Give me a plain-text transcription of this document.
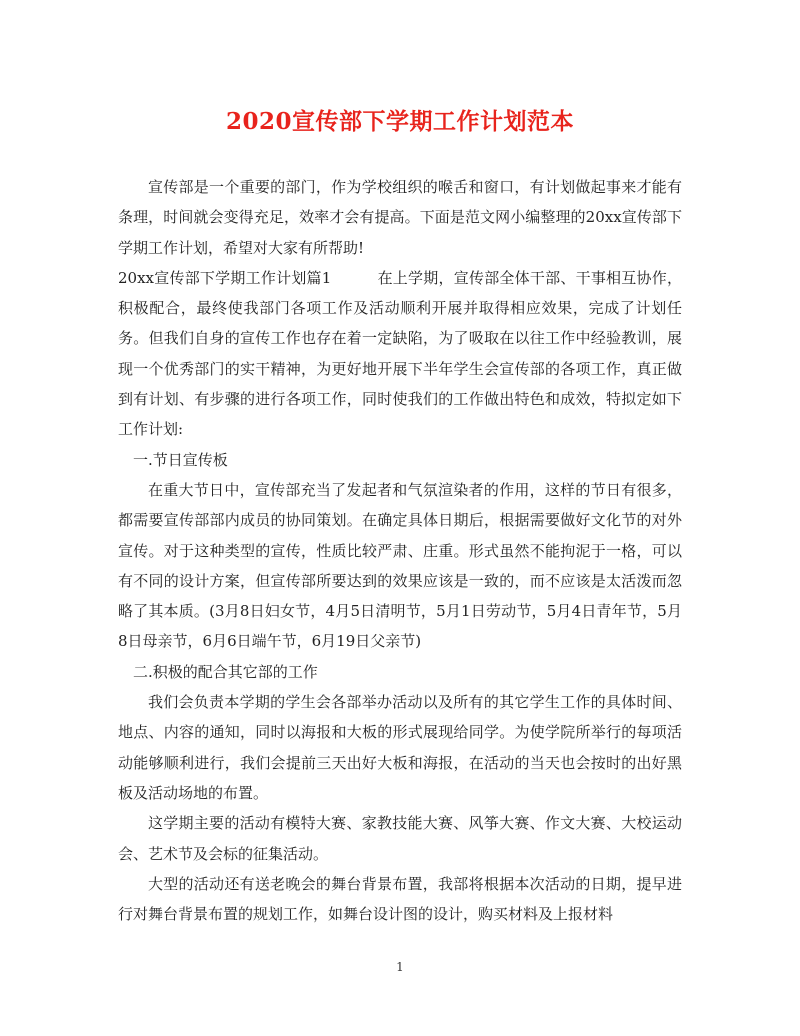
2020宣传部下学期工作计划范本

宣传部是一个重要的部门，作为学校组织的喉舌和窗口，有计划做起事来才能有条理，时间就会变得充足，效率才会有提高。下面是范文网小编整理的20xx宣传部下学期工作计划，希望对大家有所帮助!

20xx宣传部下学期工作计划篇1	在上学期，宣传部全体干部、干事相互协作，积极配合，最终使我部门各项工作及活动顺利开展并取得相应效果，完成了计划任务。但我们自身的宣传工作也存在着一定缺陷，为了吸取在以往工作中经验教训，展现一个优秀部门的实干精神，为更好地开展下半年学生会宣传部的各项工作，真正做到有计划、有步骤的进行各项工作，同时使我们的工作做出特色和成效，特拟定如下工作计划:

一.节日宣传板

在重大节日中，宣传部充当了发起者和气氛渲染者的作用，这样的节日有很多，都需要宣传部部内成员的协同策划。在确定具体日期后，根据需要做好文化节的对外宣传。对于这种类型的宣传，性质比较严肃、庄重。形式虽然不能拘泥于一格，可以有不同的设计方案，但宣传部所要达到的效果应该是一致的，而不应该是太活泼而忽略了其本质。(3月8日妇女节，4月5日清明节，5月1日劳动节，5月4日青年节，5月8日母亲节，6月6日端午节，6月19日父亲节)

二.积极的配合其它部的工作

我们会负责本学期的学生会各部举办活动以及所有的其它学生工作的具体时间、地点、内容的通知，同时以海报和大板的形式展现给同学。为使学院所举行的每项活动能够顺利进行，我们会提前三天出好大板和海报，在活动的当天也会按时的出好黑板及活动场地的布置。

这学期主要的活动有模特大赛、家教技能大赛、风筝大赛、作文大赛、大校运动会、艺术节及会标的征集活动。

大型的活动还有送老晚会的舞台背景布置，我部将根据本次活动的日期，提早进行对舞台背景布置的规划工作，如舞台设计图的设计，购买材料及上报材料

1
